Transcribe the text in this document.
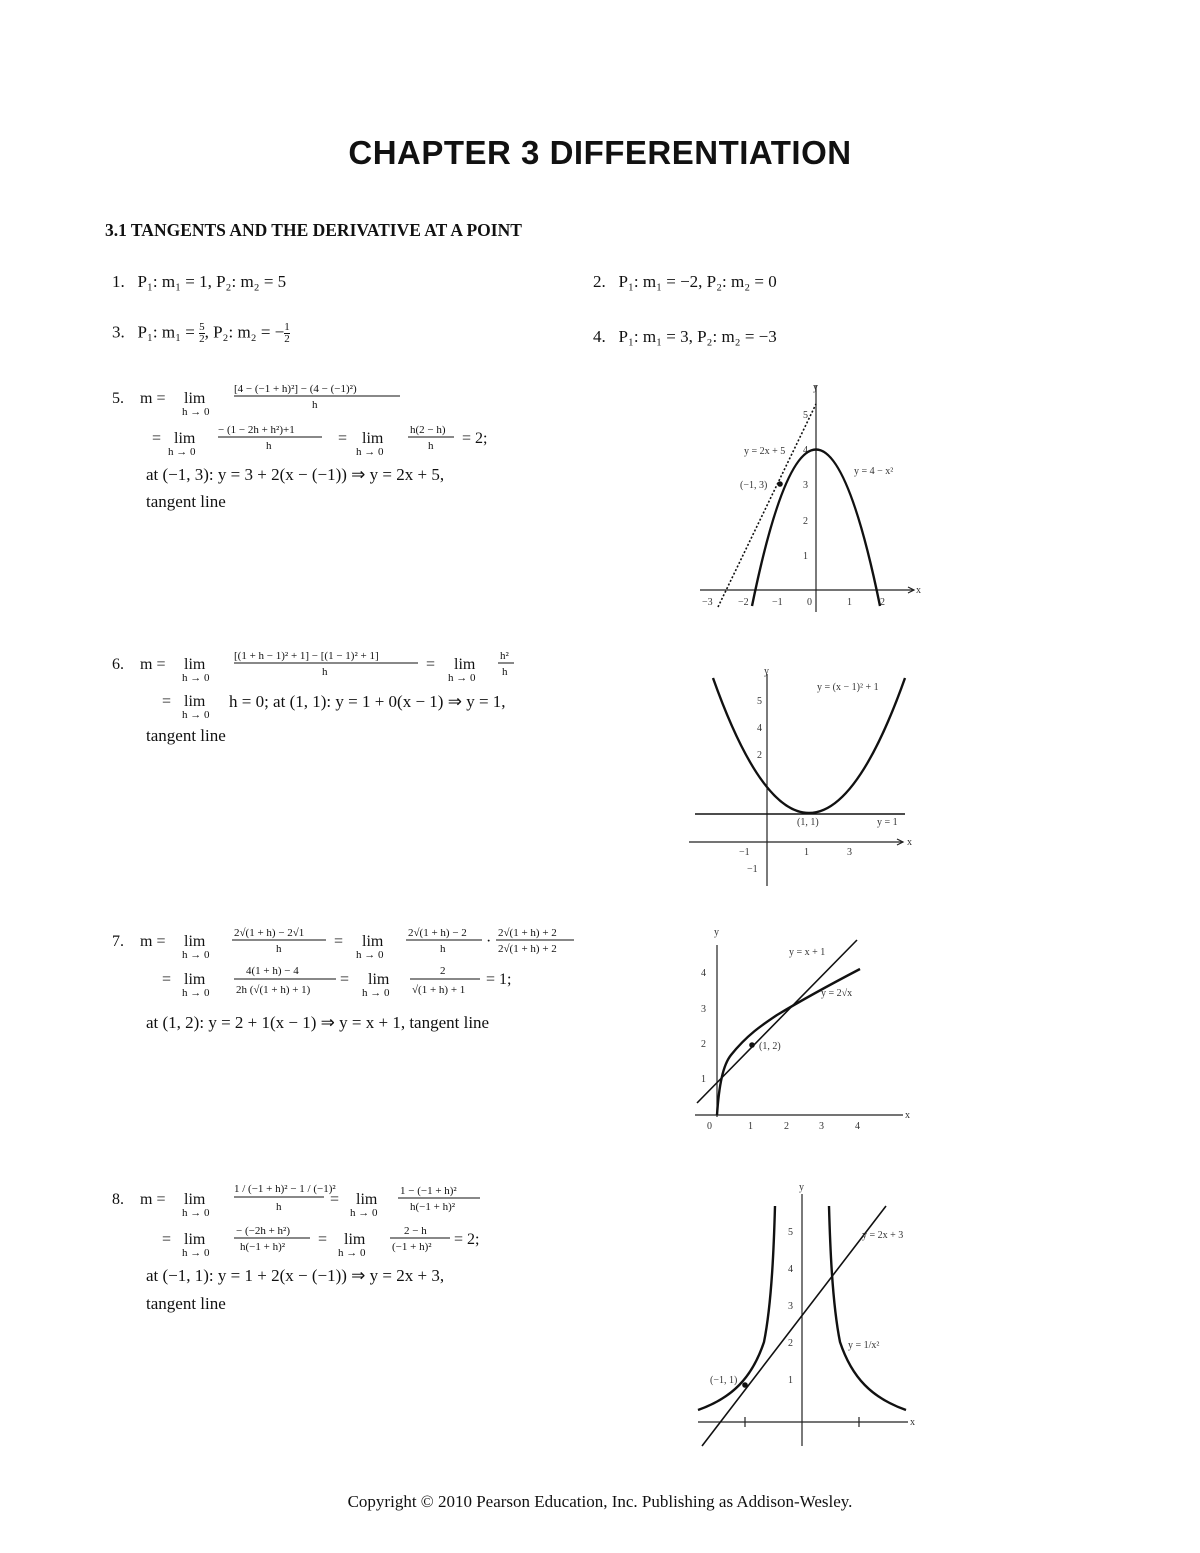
CHAPTER 3 DIFFERENTIATION
3.1 TANGENTS AND THE DERIVATIVE AT A POINT
1. P₁: m₁ = 1, P₂: m₂ = 5	2. P₁: m₁ = −2, P₂: m₂ = 0
3. P₁: $m_1 = \frac{5}{2}$ , P₂: m₂ = − $\frac{1}{2}$	4. P₁: m₁ = 3, P₂: m₂ = −3
5. m = lim
h → 0
[4 − (−1 + h)²] − (4 − (−1)²)
h
= lim
h → 0
− (1 − 2h + h²)+1
h	= lim
h → 0
h(2 − h)
h = 2;
at (−1, 3): y = 3 + 2(x − (−1)) ⇒ y = 2x + 5,
tangent line
y
x
−3	−2 −1 0	1	2
1
2
3
4
5
(−1, 3)
y = 2x + 5
y = 4 − x²
6. m = lim
h → 0
[(1 + h − 1)² + 1] − [(1 − 1)² + 1]
h	= lim
h → 0
h²
h
= lim
h → 0
h = 0; at (1, 1): y = 1 + 0(x − 1) ⇒ y = 1,
tangent line
y
x
−1	1	3
−1
2
4
5
(1, 1)	y = 1
y = (x − 1)² + 1
7. m = lim
h → 0
2√(1 + h) − 2√1
h	= lim
h → 0
2√(1 + h) − 2
h	· 2√(1 + h) + 2
2√(1 + h) + 2
= lim
h → 0
4(1 + h) − 4
2h (√(1 + h) + 1)
= lim
h → 0
2
√(1 + h) + 1
= 1;
at (1, 2): y = 2 + 1(x − 1) ⇒ y = x + 1, tangent line
y
x
0	1	2	3	4
1
2
3
4
(1, 2)
y = x + 1
y = 2√x
8. m = lim
h → 0
1 / (−1 + h)² − 1 / (−1)²
h	= lim
h → 0
1 − (−1 + h)²
h(−1 + h)²
= lim
h → 0
− (−2h + h²)
h(−1 + h)² = lim
h → 0
2 − h
(−1 + h)² = 2;
at (−1, 1): y = 1 + 2(x − (−1)) ⇒ y = 2x + 3,
tangent line
y
x
1
2
3
4
5
(−1, 1)
y = 2x + 3
y = 1/x²
Copyright © 2010 Pearson Education, Inc. Publishing as Addison-Wesley.
